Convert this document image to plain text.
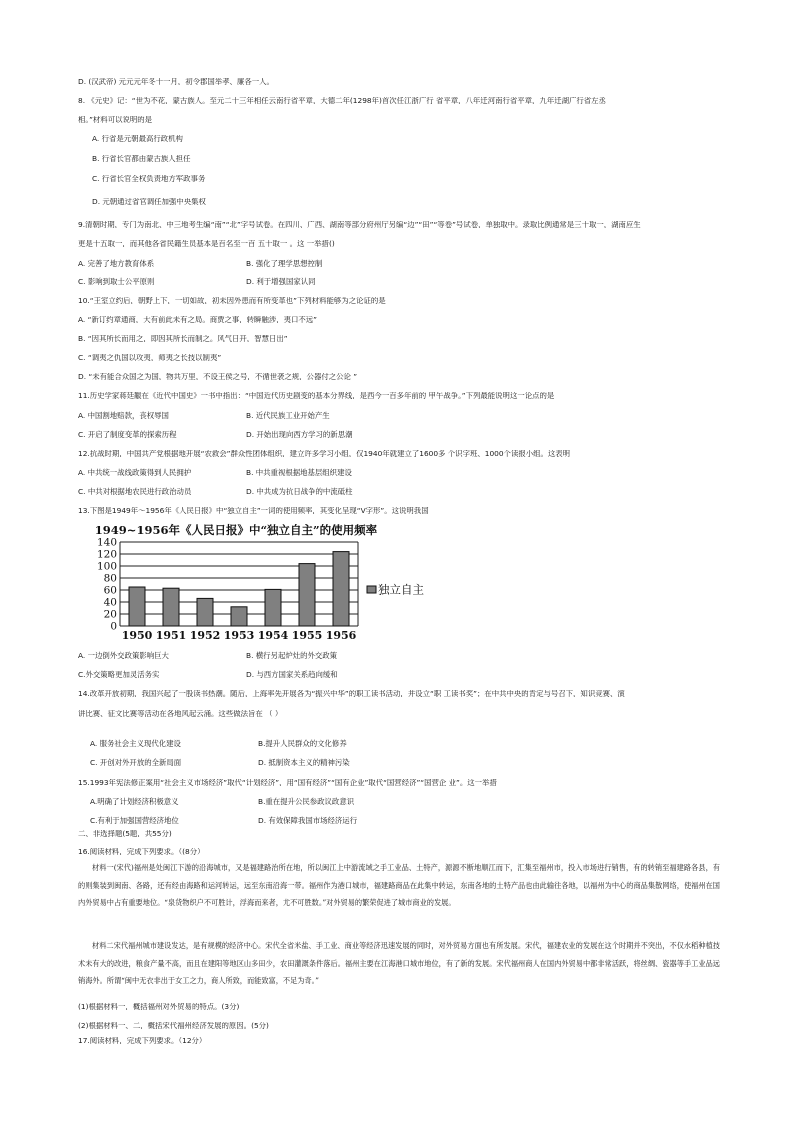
D. (汉武帝) 元元元年冬十一月，初令郡国举孝、廉各一人。
8. 《元史》记：“世为不花，蒙古族人。至元二十三年相任云南行省平章，大德二年(1298年)首次任江浙广行 省平章，八年迁河南行省平章，九年迁湖广行省左丞
相。”材料可以说明的是
A. 行省是元朝最高行政机构
B. 行省长官都由蒙古族人担任
C. 行省长官全权负责地方军政事务
D. 元朝通过省官调任加强中央集权
9.清朝时期，专门为南北、中三地考生编“南”“北”字号试卷。在四川、广西、湖南等部分府州厅另编“边”“田”“等卷”号试卷，单独取中。录取比例通常是三十取一，湖南应生
更是十五取一，而其他各省民籍生员基本是百名至一百 五十取一 。这 一举措()
A. 完善了地方教育体系	B. 强化了理学思想控制
C. 影响到取士公平原则	D. 利于增强国家认同
10.“王室立约后，朝野上下，一切如故，初未因外患而有所变革也”下列材料能够为之论证的是
A. “新订约章通商，大有前此未有之局。商贾之事，转瞬触涉，夷口不远”
B. “因其所长而用之，即因其所长而制之。风气日开，智慧日出”
C. “调夷之仇国以攻夷，师夷之长技以制夷”
D. “未有能合众国之为国，物共万里，不设王侯之号，不循世袭之规，公器付之公论 ”
11.历史学家蒋廷黻在《近代中国史》一书中指出：“中国近代历史剧变的基本分界线，是西今一百多年前的 甲午战争。”下列最能说明这一论点的是
A. 中国割地赔款，丧权辱国	B. 近代民族工业开始产生
C. 开启了制度变革的探索历程	D. 开始出现向西方学习的新思潮
12.抗战时期，中国共产党根据地开展“农救会”群众性团体组织，建立许多学习小组，仅1940年就建立了1600多 个识字班、1000个读报小组。这表明
A. 中共统一战线政策得到人民拥护	B. 中共重视根据地基层组织建设
C. 中共对根据地农民进行政治动员	D. 中共成为抗日战争的中流砥柱
13.下图是1949年～1956年《人民日报》中“独立自主”一词的使用频率，其变化呈现“V字形”。这说明我国
1949~1956年《人民日报》中“独立自主”的使用频率
1950 1951 1952 1953 1954 1955 1956
0
20
40
60
80
100
120
140
独立自主
A. 一边倒外交政策影响巨大	B. 横行另起炉灶的外交政策
C.外交策略更加灵活务实	D. 与西方国家关系趋向缓和
14.改革开放初期，我国兴起了一股读书热潮。随后，上海率先开展各为“振兴中华”的职工读书活动，并设立“职 工读书奖”；在中共中央的肯定与号召下，知识竞赛、演
讲比赛、征文比赛等活动在各地风起云涌。这些做法旨在 （ ）
A. 服务社会主义现代化建设	B.提升人民群众的文化修养
C. 开创对外开放的全新局面	D. 抵制资本主义的精神污染
15.1993年宪法修正案用“社会主义市场经济”取代“计划经济”，用“国有经济”“国有企业”取代“国营经济”“国营企 业”。这一举措
A.明确了计划经济积极意义	B.重在提升公民参政议政意识
C.有利于加强国营经济地位	D. 有效保障我国市场经济运行
二、非选择题(5题，共55分)
16.阅读材料，完成下列要求。（(8分）
材料一(宋代)福州是处闽江下游的沿海城市，又是福建路治所在地，所以闽江上中游流域之手工业品、土特产，源源不断地顺江而下，汇集至福州市，投入市场进行销售，有的转销至福建路各县，有的则集装到闽南、各路，还有经由海路和运河转运，远至东南沿海一带。福州作为港口城市，福建路商品在此集中转运，东南各地的土特产品也由此输往各地，以福州为中心的商品集散网络，使福州在国内外贸易中占有重要地位。“泉货物织户不可胜计，浮海而来者，尤不可胜数。”对外贸易的繁荣促进了城市商业的发展。
材料二宋代福州城市建设发达，是有规模的经济中心。宋代全省米盐、手工业、商业等经济迅速发展的同时，对外贸易方面也有所发展。宋代，福建农业的发展在这个时期并不突出，不仅水稻种植技术未有大的改进，粮食产量不高，而且在建阳等地区山多田少，农田灌溉条件落后。福州主要在江海港口城市地位，有了新的发展。宋代福州商人在国内外贸易中都非常活跃，将丝绸、瓷器等手工业品远销海外。所谓“闽中无衣非出于女工之力，商人所致，而能致富，不足为奇。”
(1)根据材料一，概括福州对外贸易的特点。(3分)
(2)根据材料一、二，概括宋代福州经济发展的原因。(5分)
17.阅读材料，完成下列要求。（12分）
